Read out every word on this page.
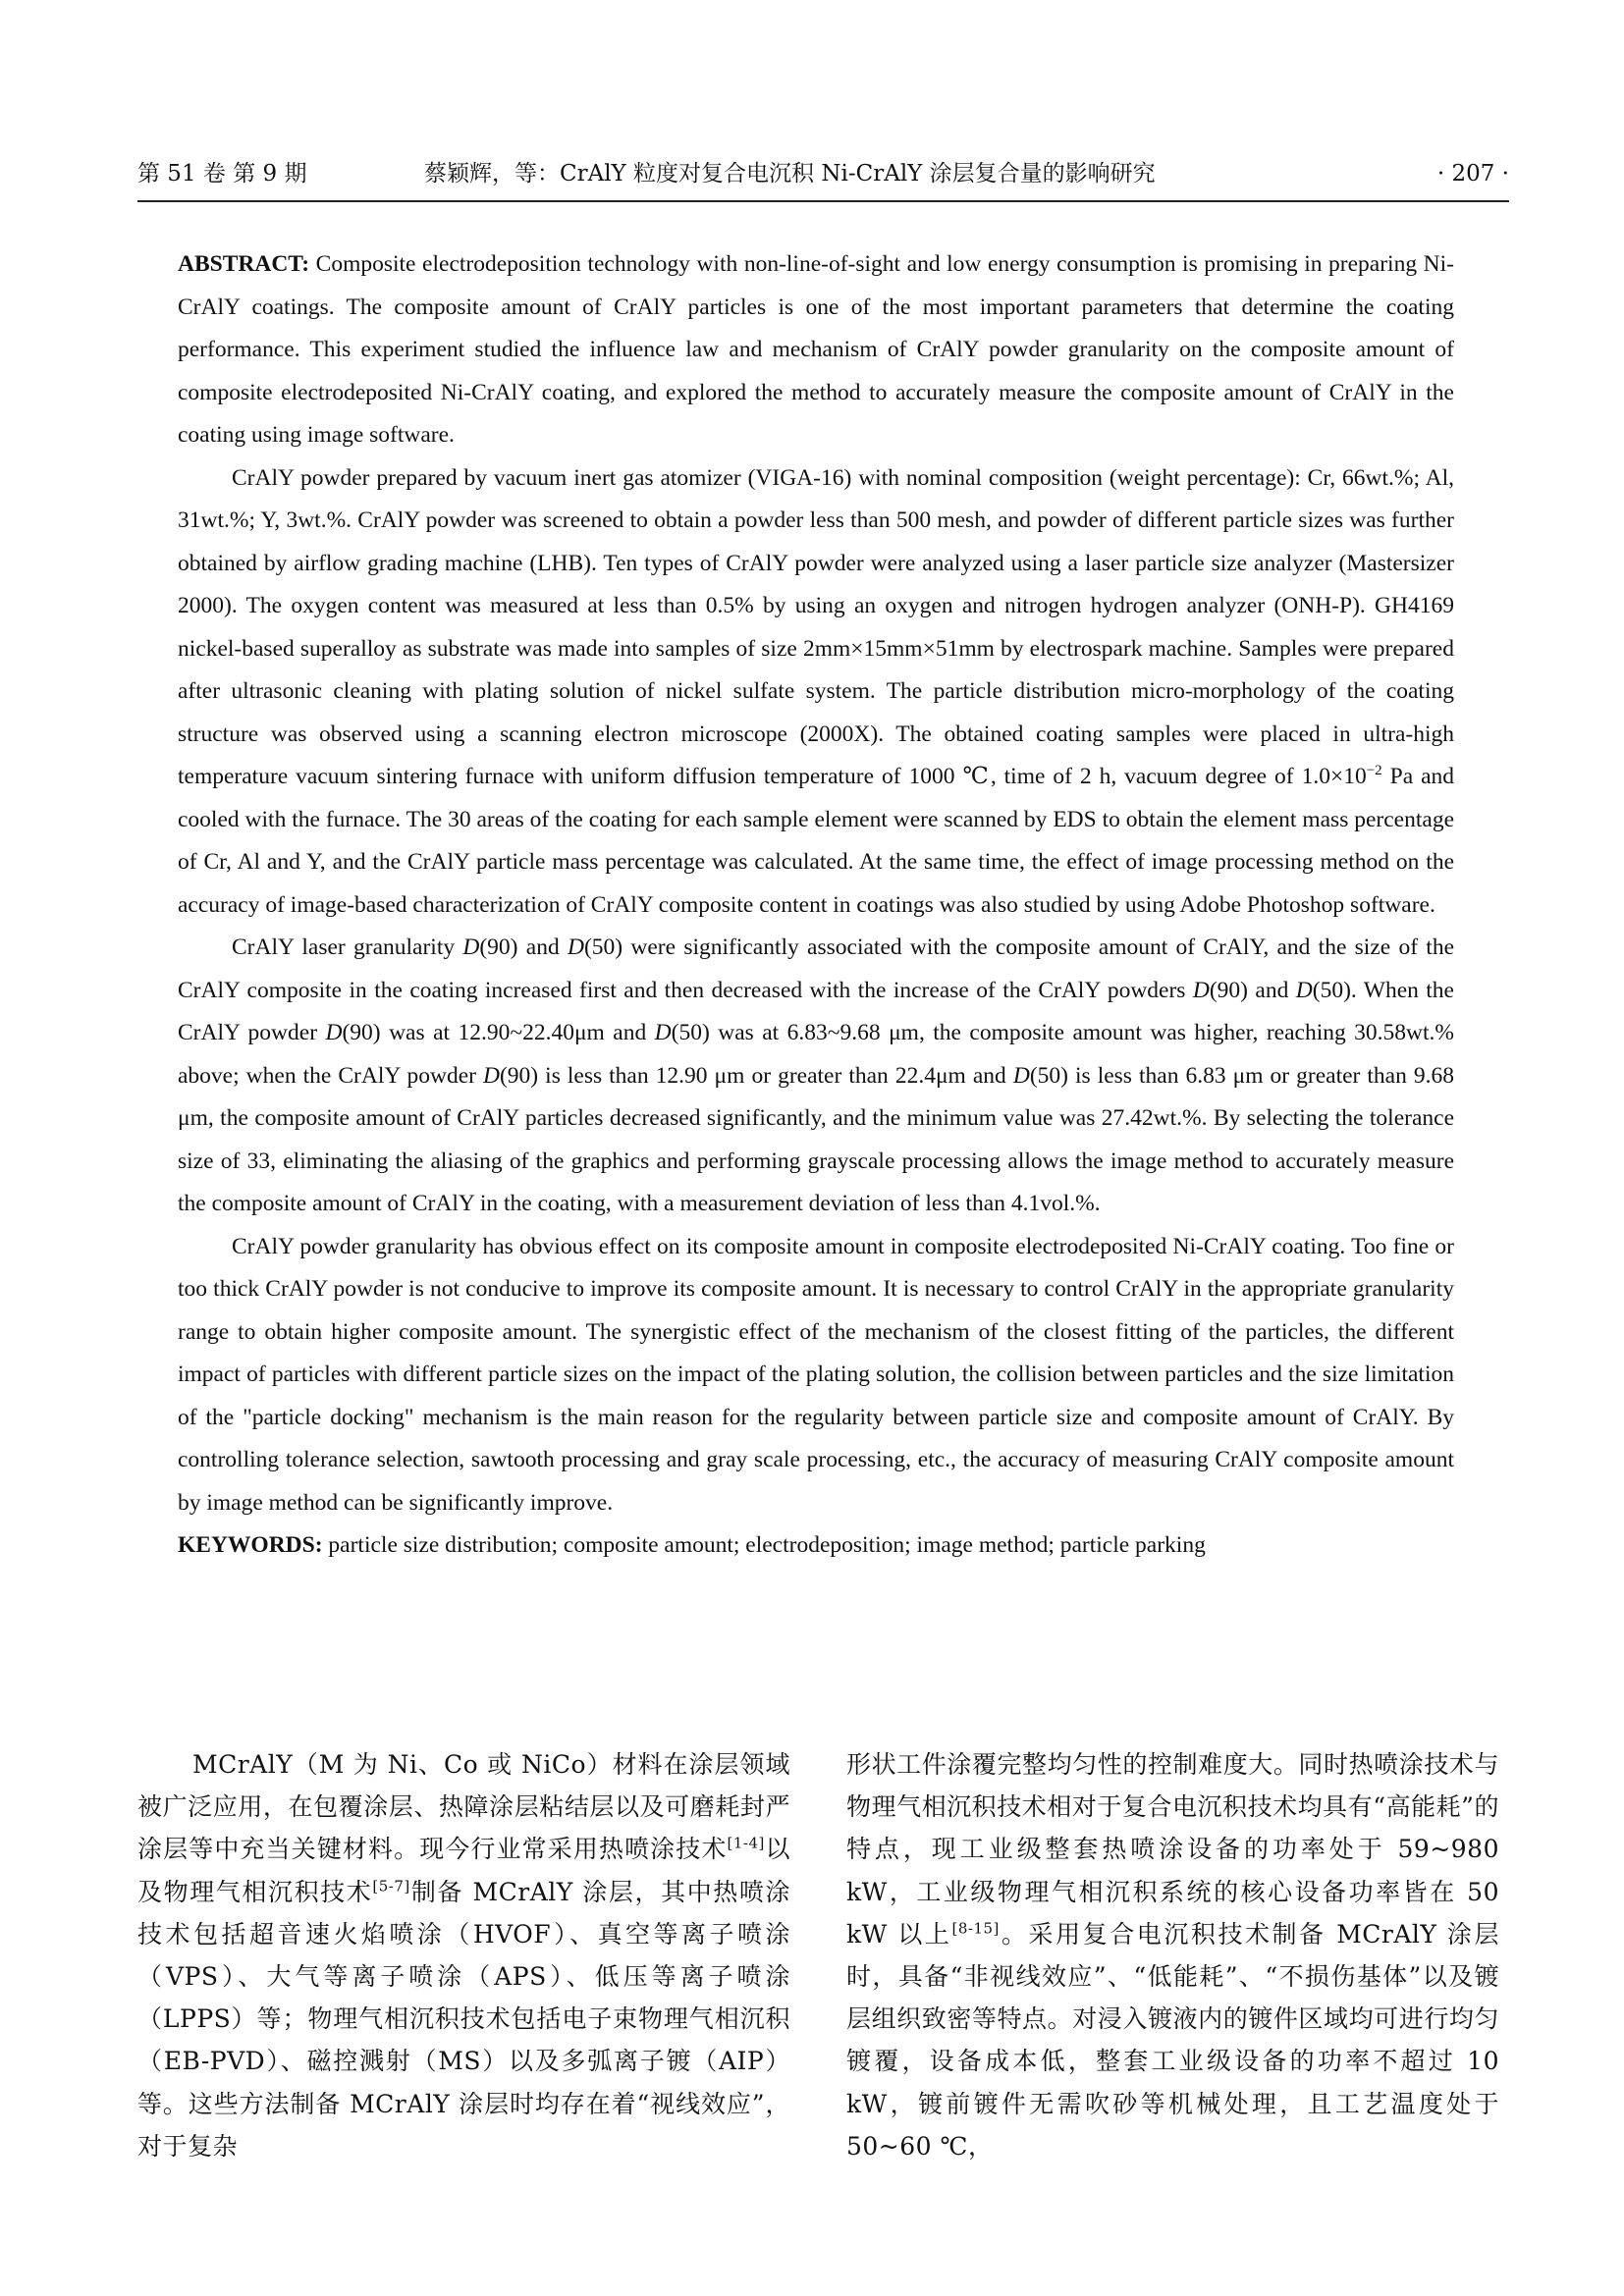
第 51 卷 第 9 期	蔡颖辉，等：CrAlY 粒度对复合电沉积 Ni-CrAlY 涂层复合量的影响研究	· 207 ·

ABSTRACT: Composite electrodeposition technology with non-line-of-sight and low energy consumption is promising in preparing Ni-CrAlY coatings. The composite amount of CrAlY particles is one of the most important parameters that determine the coating performance. This experiment studied the influence law and mechanism of CrAlY powder granularity on the composite amount of composite electrodeposited Ni-CrAlY coating, and explored the method to accurately measure the composite amount of CrAlY in the coating using image software.

CrAlY powder prepared by vacuum inert gas atomizer (VIGA-16) with nominal composition (weight percentage): Cr, 66wt.%; Al, 31wt.%; Y, 3wt.%. CrAlY powder was screened to obtain a powder less than 500 mesh, and powder of different particle sizes was further obtained by airflow grading machine (LHB). Ten types of CrAlY powder were analyzed using a laser particle size analyzer (Mastersizer 2000). The oxygen content was measured at less than 0.5% by using an oxygen and nitrogen hydrogen analyzer (ONH-P). GH4169 nickel-based superalloy as substrate was made into samples of size 2mm×15mm×51mm by electrospark machine. Samples were prepared after ultrasonic cleaning with plating solution of nickel sulfate system. The particle distribution micro-morphology of the coating structure was observed using a scanning electron microscope (2000X). The obtained coating samples were placed in ultra-high temperature vacuum sintering furnace with uniform diffusion temperature of 1000 ℃, time of 2 h, vacuum degree of $1.0\times 10^{-2}$ Pa and cooled with the furnace. The 30 areas of the coating for each sample element were scanned by EDS to obtain the element mass percentage of Cr, Al and Y, and the CrAlY particle mass percentage was calculated. At the same time, the effect of image processing method on the accuracy of image-based characterization of CrAlY composite content in coatings was also studied by using Adobe Photoshop software.

CrAlY laser granularity D(90) and D(50) were significantly associated with the composite amount of CrAlY, and the size of the CrAlY composite in the coating increased first and then decreased with the increase of the CrAlY powders D(90) and D(50). When the CrAlY powder D(90) was at 12.90~22.40μm and D(50) was at 6.83~9.68 μm, the composite amount was higher, reaching 30.58wt.% above; when the CrAlY powder D(90) is less than 12.90 μm or greater than 22.4μm and D(50) is less than 6.83 μm or greater than 9.68 μm, the composite amount of CrAlY particles decreased significantly, and the minimum value was 27.42wt.%. By selecting the tolerance size of 33, eliminating the aliasing of the graphics and performing grayscale processing allows the image method to accurately measure the composite amount of CrAlY in the coating, with a measurement deviation of less than 4.1vol.%.

CrAlY powder granularity has obvious effect on its composite amount in composite electrodeposited Ni-CrAlY coating. Too fine or too thick CrAlY powder is not conducive to improve its composite amount. It is necessary to control CrAlY in the appropriate granularity range to obtain higher composite amount. The synergistic effect of the mechanism of the closest fitting of the particles, the different impact of particles with different particle sizes on the impact of the plating solution, the collision between particles and the size limitation of the "particle docking" mechanism is the main reason for the regularity between particle size and composite amount of CrAlY. By controlling tolerance selection, sawtooth processing and gray scale processing, etc., the accuracy of measuring CrAlY composite amount by image method can be significantly improve.

KEYWORDS: particle size distribution; composite amount; electrodeposition; image method; particle parking

MCrAlY（M 为 Ni、Co 或 NiCo）材料在涂层领域被广泛应用，在包覆涂层、热障涂层粘结层以及可磨耗封严涂层等中充当关键材料。现今行业常采用热喷涂技术[1-4]以及物理气相沉积技术[5-7]制备 MCrAlY 涂层，其中热喷涂技术包括超音速火焰喷涂（HVOF）、真空等离子喷涂（VPS）、大气等离子喷涂（APS）、低压等离子喷涂（LPPS）等；物理气相沉积技术包括电子束物理气相沉积（EB-PVD）、磁控溅射（MS）以及多弧离子镀（AIP）等。这些方法制备 MCrAlY 涂层时均存在着“视线效应”，对于复杂

形状工件涂覆完整均匀性的控制难度大。同时热喷涂技术与物理气相沉积技术相对于复合电沉积技术均具有“高能耗”的特点，现工业级整套热喷涂设备的功率处于 59~980 kW，工业级物理气相沉积系统的核心设备功率皆在 50 kW 以上[8-15]。采用复合电沉积技术制备 MCrAlY 涂层时，具备“非视线效应”、“低能耗”、“不损伤基体”以及镀层组织致密等特点。对浸入镀液内的镀件区域均可进行均匀镀覆，设备成本低，整套工业级设备的功率不超过 10 kW，镀前镀件无需吹砂等机械处理，且工艺温度处于 50~60 ℃，
